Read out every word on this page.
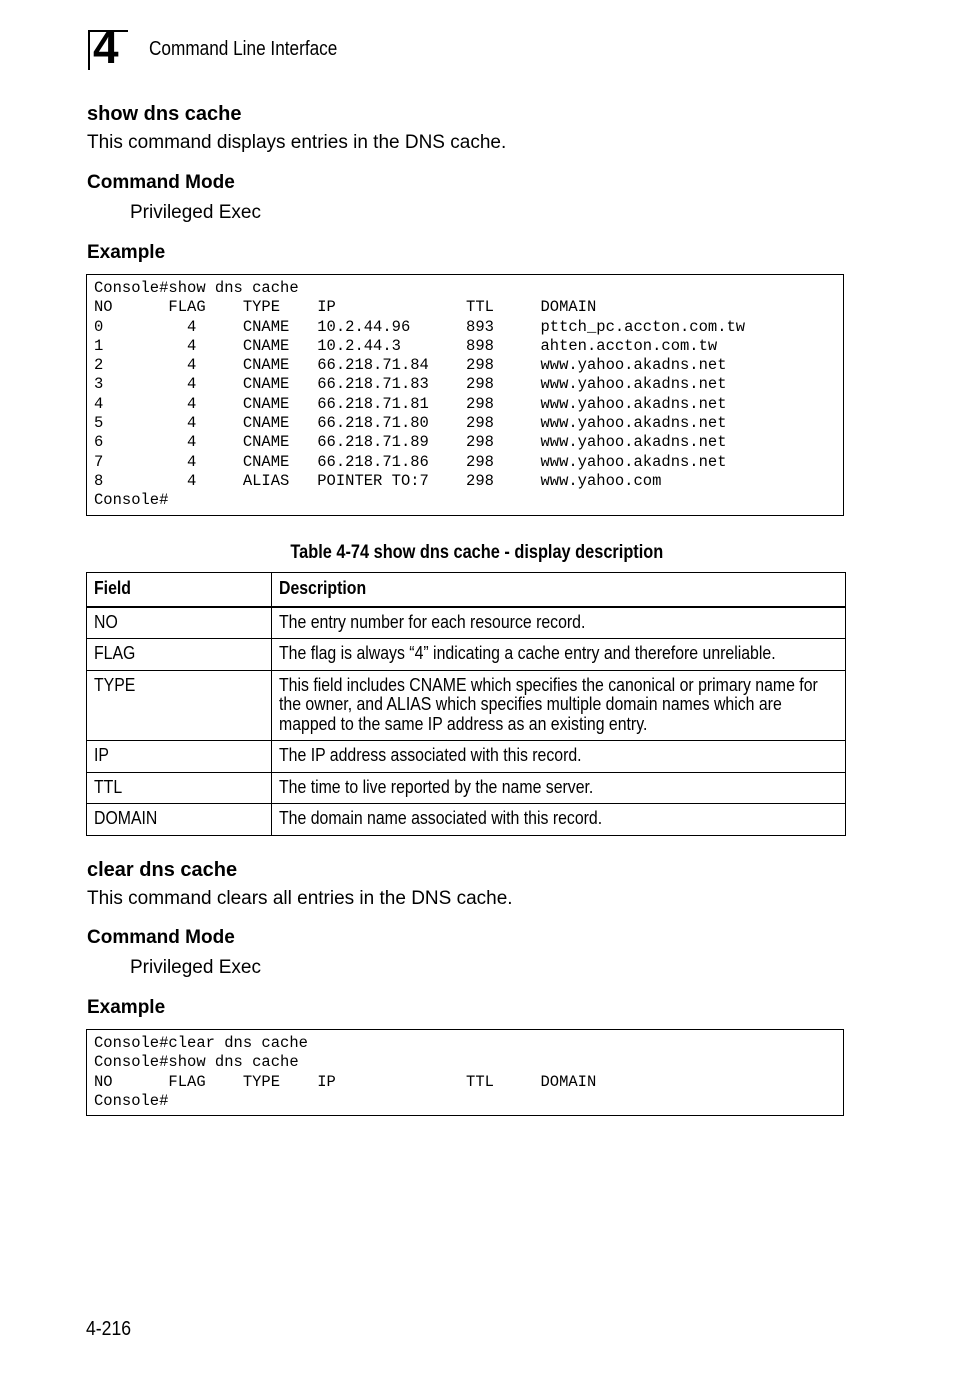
4 Command Line Interface
show dns cache
This command displays entries in the DNS cache.
Command Mode
Privileged Exec
Example
Console#show dns cache
NO      FLAG    TYPE    IP              TTL     DOMAIN
0         4     CNAME   10.2.44.96      893     pttch_pc.accton.com.tw
1         4     CNAME   10.2.44.3       898     ahten.accton.com.tw
2         4     CNAME   66.218.71.84    298     www.yahoo.akadns.net
3         4     CNAME   66.218.71.83    298     www.yahoo.akadns.net
4         4     CNAME   66.218.71.81    298     www.yahoo.akadns.net
5         4     CNAME   66.218.71.80    298     www.yahoo.akadns.net
6         4     CNAME   66.218.71.89    298     www.yahoo.akadns.net
7         4     CNAME   66.218.71.86    298     www.yahoo.akadns.net
8         4     ALIAS   POINTER TO:7    298     www.yahoo.com
Console#
Table 4-74 show dns cache - display description
Field	Description
NO	The entry number for each resource record.
FLAG	The flag is always “4” indicating a cache entry and therefore unreliable.
TYPE	This field includes CNAME which specifies the canonical or primary name for the owner, and ALIAS which specifies multiple domain names which are mapped to the same IP address as an existing entry.
IP	The IP address associated with this record.
TTL	The time to live reported by the name server.
DOMAIN	The domain name associated with this record.
clear dns cache
This command clears all entries in the DNS cache.
Command Mode
Privileged Exec
Example
Console#clear dns cache
Console#show dns cache
NO      FLAG    TYPE    IP              TTL     DOMAIN
Console#
4-216
